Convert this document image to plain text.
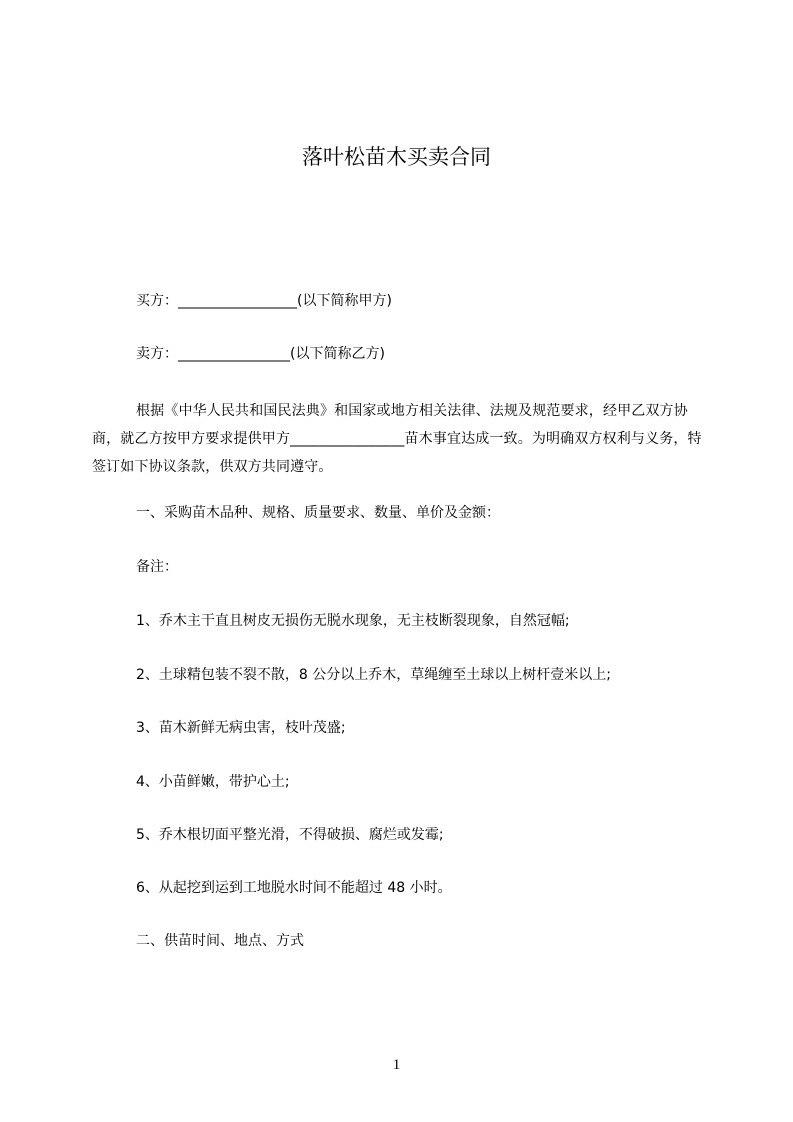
落叶松苗木买卖合同

买方：_________________(以下简称甲方)

卖方：________________(以下简称乙方)

根据《中华人民共和国民法典》和国家或地方相关法律、法规及规范要求，经甲乙双方协商，就乙方按甲方要求提供甲方________________苗木事宜达成一致。为明确双方权利与义务，特签订如下协议条款，供双方共同遵守。

一、采购苗木品种、规格、质量要求、数量、单价及金额：

备注：

1、乔木主干直且树皮无损伤无脱水现象，无主枝断裂现象，自然冠幅;

2、土球精包装不裂不散，8 公分以上乔木，草绳缠至土球以上树杆壹米以上;

3、苗木新鲜无病虫害，枝叶茂盛;

4、小苗鲜嫩，带护心土;

5、乔木根切面平整光滑，不得破损、腐烂或发霉;

6、从起挖到运到工地脱水时间不能超过 48 小时。

二、供苗时间、地点、方式

1
